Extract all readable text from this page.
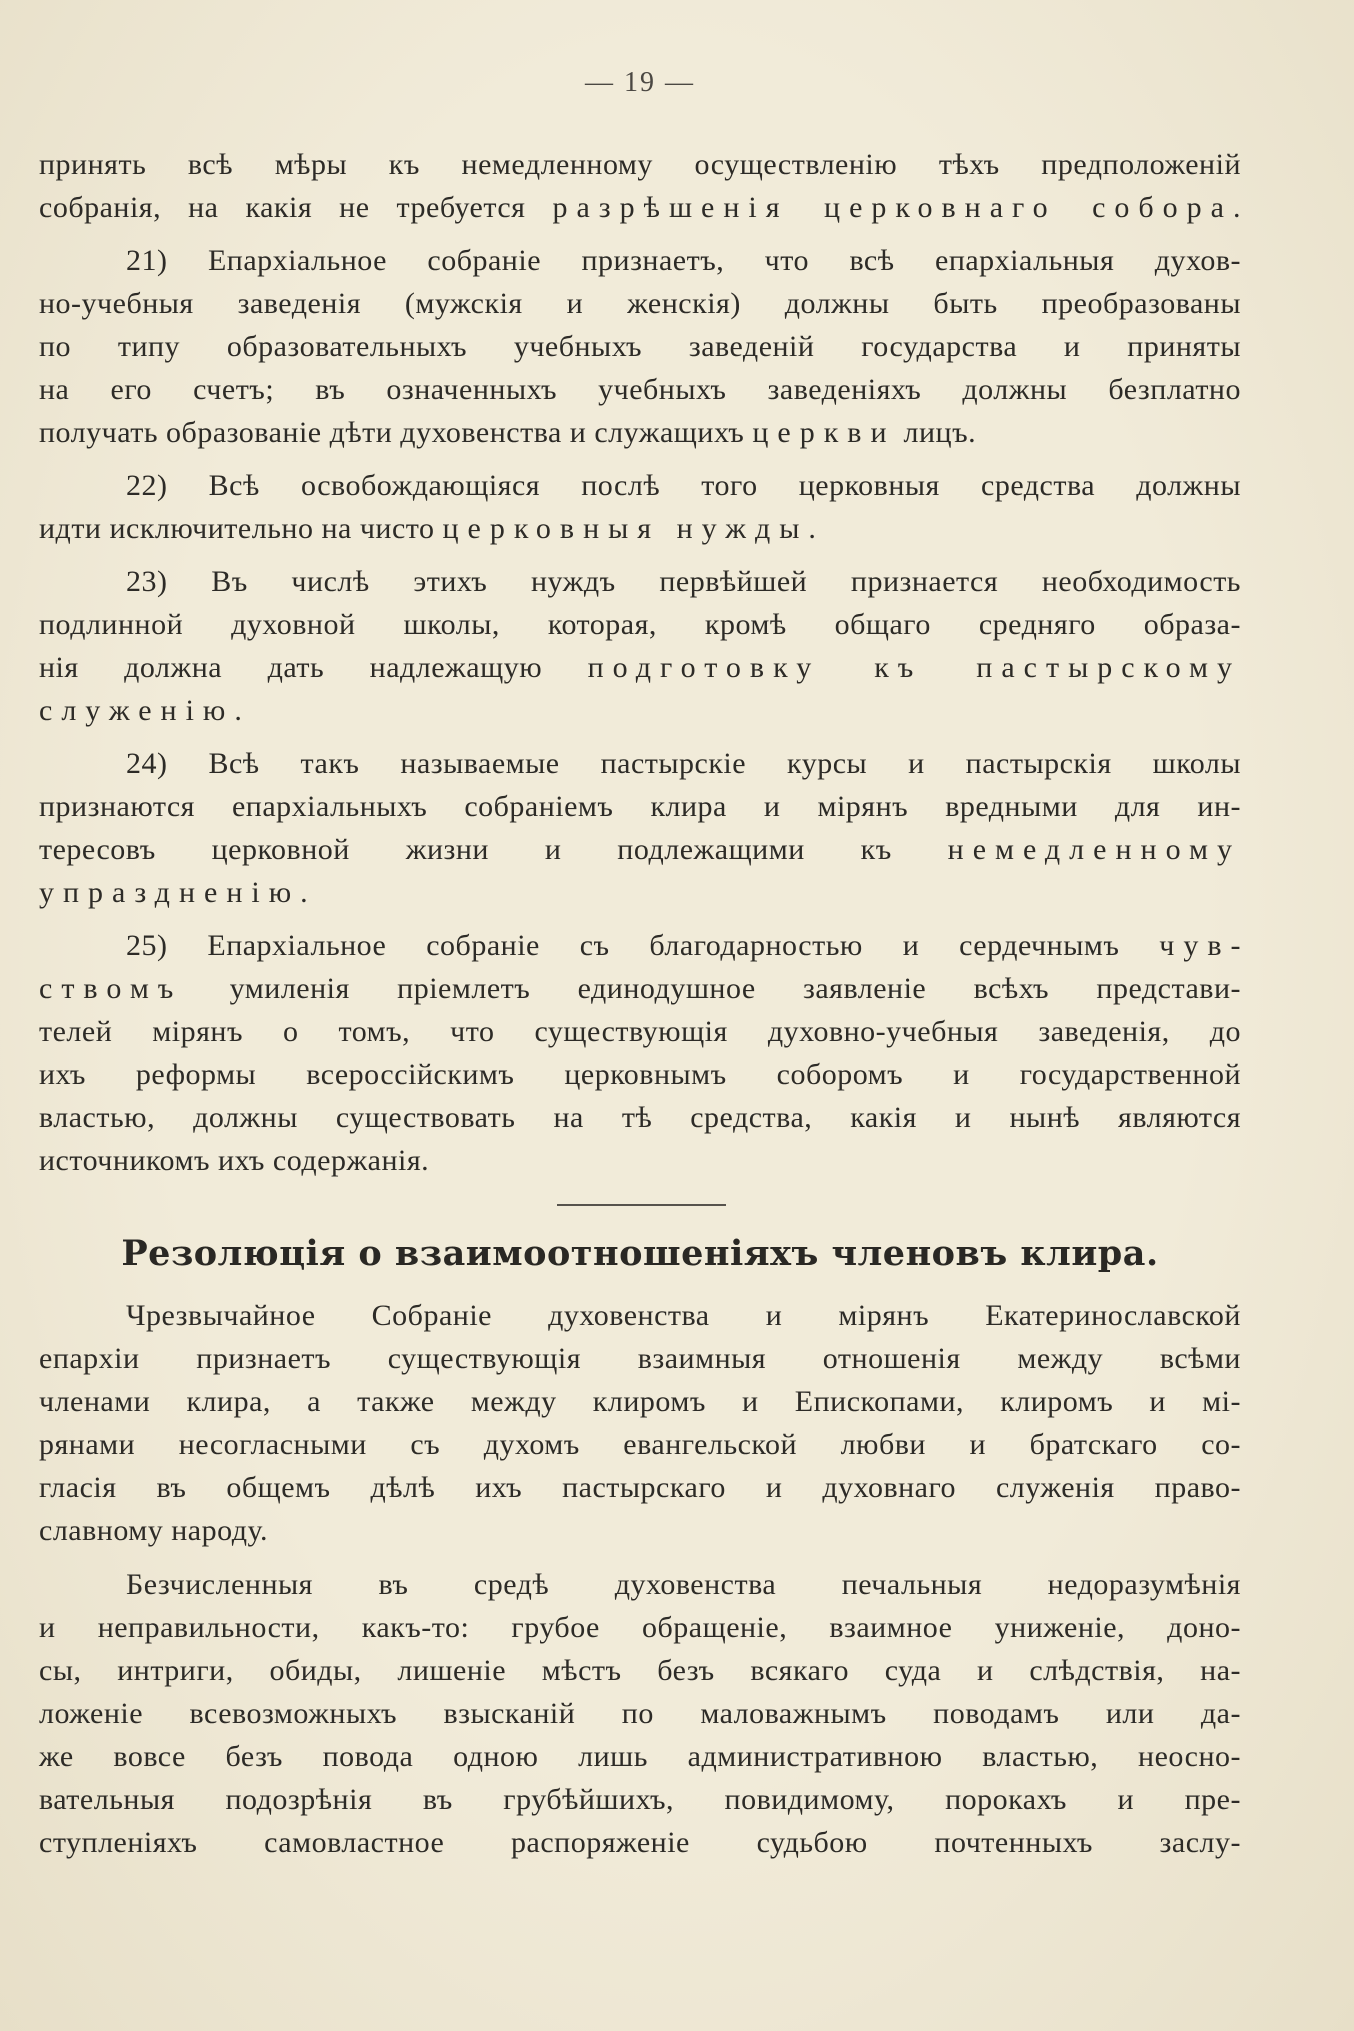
— 19 —
принять всѣ мѣры къ немедленному осуществленію тѣхъ предположеній
собранія, на какія не требуется разрѣшенія церковнаго собора.
21) Епархіальное собраніе признаетъ, что всѣ епархіальныя духов-
но-учебныя заведенія (мужскія и женскія) должны быть преобразованы
по типу образовательныхъ учебныхъ заведеній государства и приняты
на его счетъ; въ означенныхъ учебныхъ заведеніяхъ должны безплатно
получать образованіе дѣти духовенства и служащихъ церкви лицъ.
22) Всѣ освобождающіяся послѣ того церковныя средства должны
идти исключительно на чисто церковныя нужды.
23) Въ числѣ этихъ нуждъ первѣйшей признается необходимость
подлинной духовной школы, которая, кромѣ общаго средняго образа-
нія должна дать надлежащую подготовку къ пастырскому
служенію.
24) Всѣ такъ называемые пастырскіе курсы и пастырскія школы
признаются епархіальныхъ собраніемъ клира и мірянъ вредными для ин-
тересовъ церковной жизни и подлежащими къ немедленному
упраздненію.
25) Епархіальное собраніе съ благодарностью и сердечнымъ чув-
ствомъ умиленія пріемлетъ единодушное заявленіе всѣхъ представи-
телей мірянъ о томъ, что существующія духовно-учебныя заведенія, до
ихъ реформы всероссійскимъ церковнымъ соборомъ и государственной
властью, должны существовать на тѣ средства, какія и нынѣ являются
источникомъ ихъ содержанія.
Резолюція о взаимоотношеніяхъ членовъ клира.
Чрезвычайное Собраніе духовенства и мірянъ Екатеринославской
епархіи признаетъ существующія взаимныя отношенія между всѣми
членами клира, а также между клиромъ и Епископами, клиромъ и мі-
рянами несогласными съ духомъ евангельской любви и братскаго со-
гласія въ общемъ дѣлѣ ихъ пастырскаго и духовнаго служенія право-
славному народу.
Безчисленныя въ средѣ духовенства печальныя недоразумѣнія
и неправильности, какъ-то: грубое обращеніе, взаимное униженіе, доно-
сы, интриги, обиды, лишеніе мѣстъ безъ всякаго суда и слѣдствія, на-
ложеніе всевозможныхъ взысканій по маловажнымъ поводамъ или да-
же вовсе безъ повода одною лишь административною властью, неосно-
вательныя подозрѣнія въ грубѣйшихъ, повидимому, порокахъ и пре-
ступленіяхъ самовластное распоряженіе судьбою почтенныхъ заслу-
